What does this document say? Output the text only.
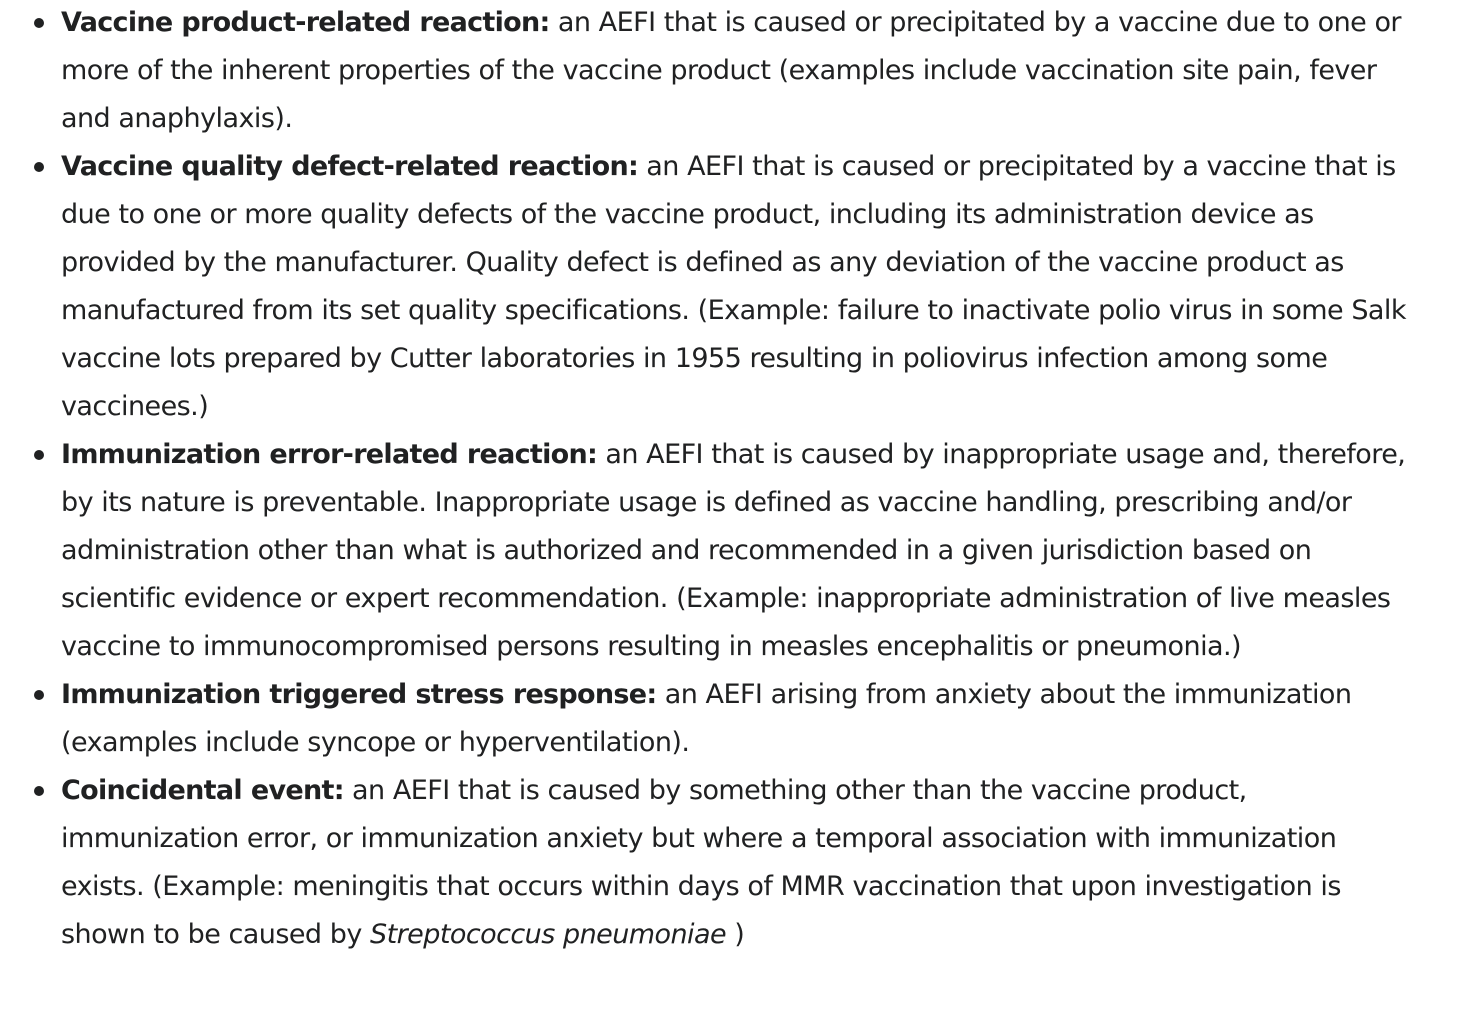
Vaccine product-related reaction: an AEFI that is caused or precipitated by a vaccine due to one or more of the inherent properties of the vaccine product (examples include vaccination site pain, fever and anaphylaxis).
Vaccine quality defect-related reaction: an AEFI that is caused or precipitated by a vaccine that is due to one or more quality defects of the vaccine product, including its administration device as provided by the manufacturer. Quality defect is defined as any deviation of the vaccine product as manufactured from its set quality specifications. (Example: failure to inactivate polio virus in some Salk vaccine lots prepared by Cutter laboratories in 1955 resulting in poliovirus infection among some vaccinees.)
Immunization error-related reaction: an AEFI that is caused by inappropriate usage and, therefore, by its nature is preventable. Inappropriate usage is defined as vaccine handling, prescribing and/or administration other than what is authorized and recommended in a given jurisdiction based on scientific evidence or expert recommendation. (Example: inappropriate administration of live measles vaccine to immunocompromised persons resulting in measles encephalitis or pneumonia.)
Immunization triggered stress response: an AEFI arising from anxiety about the immunization (examples include syncope or hyperventilation).
Coincidental event: an AEFI that is caused by something other than the vaccine product, immunization error, or immunization anxiety but where a temporal association with immunization exists. (Example: meningitis that occurs within days of MMR vaccination that upon investigation is shown to be caused by Streptococcus pneumoniae )
